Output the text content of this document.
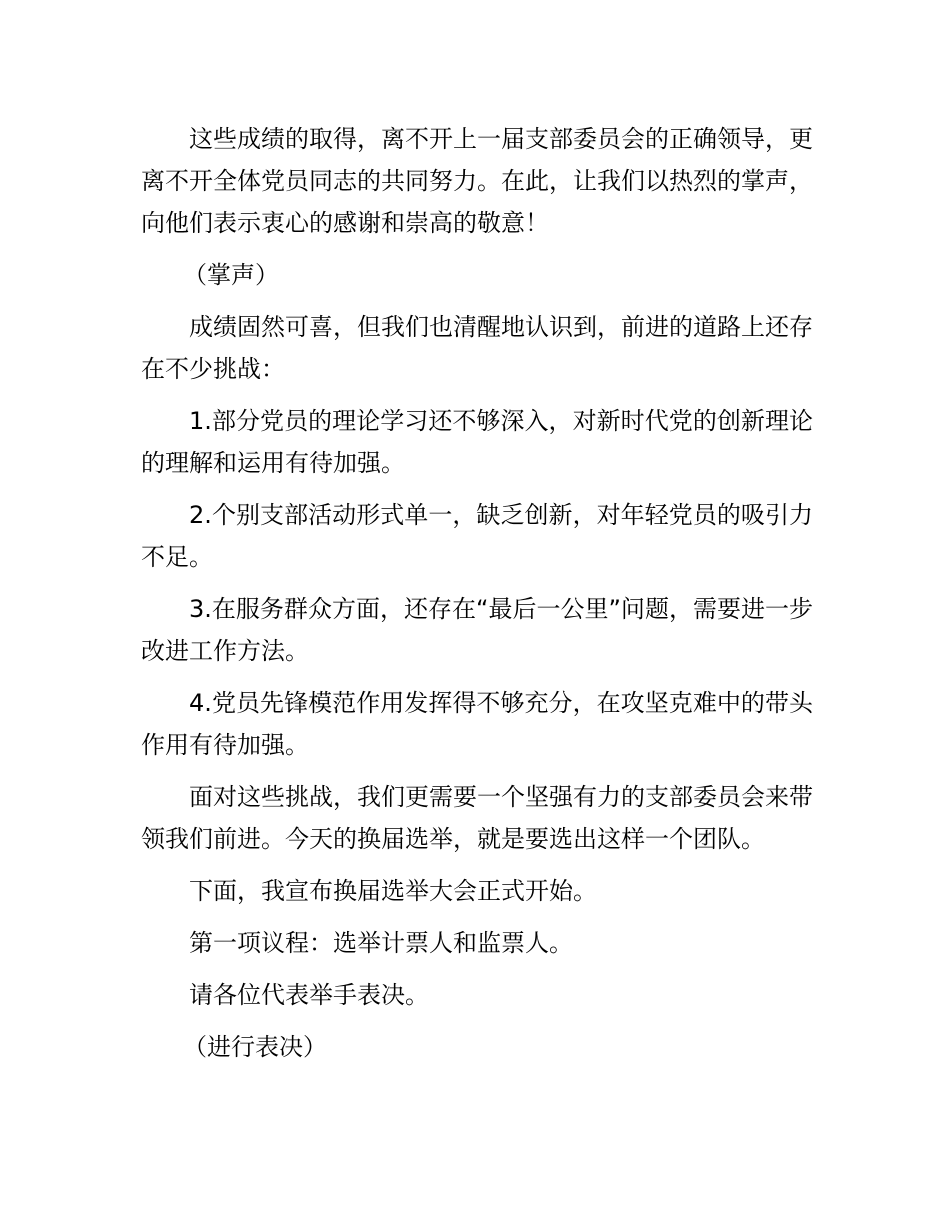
这些成绩的取得，离不开上一届支部委员会的正确领导，更离不开全体党员同志的共同努力。在此，让我们以热烈的掌声，向他们表示衷心的感谢和崇高的敬意！

（掌声）

成绩固然可喜，但我们也清醒地认识到，前进的道路上还存在不少挑战：

1.部分党员的理论学习还不够深入，对新时代党的创新理论的理解和运用有待加强。

2.个别支部活动形式单一，缺乏创新，对年轻党员的吸引力不足。

3.在服务群众方面，还存在“最后一公里”问题，需要进一步改进工作方法。

4.党员先锋模范作用发挥得不够充分，在攻坚克难中的带头作用有待加强。

面对这些挑战，我们更需要一个坚强有力的支部委员会来带领我们前进。今天的换届选举，就是要选出这样一个团队。

下面，我宣布换届选举大会正式开始。

第一项议程：选举计票人和监票人。

请各位代表举手表决。

（进行表决）
